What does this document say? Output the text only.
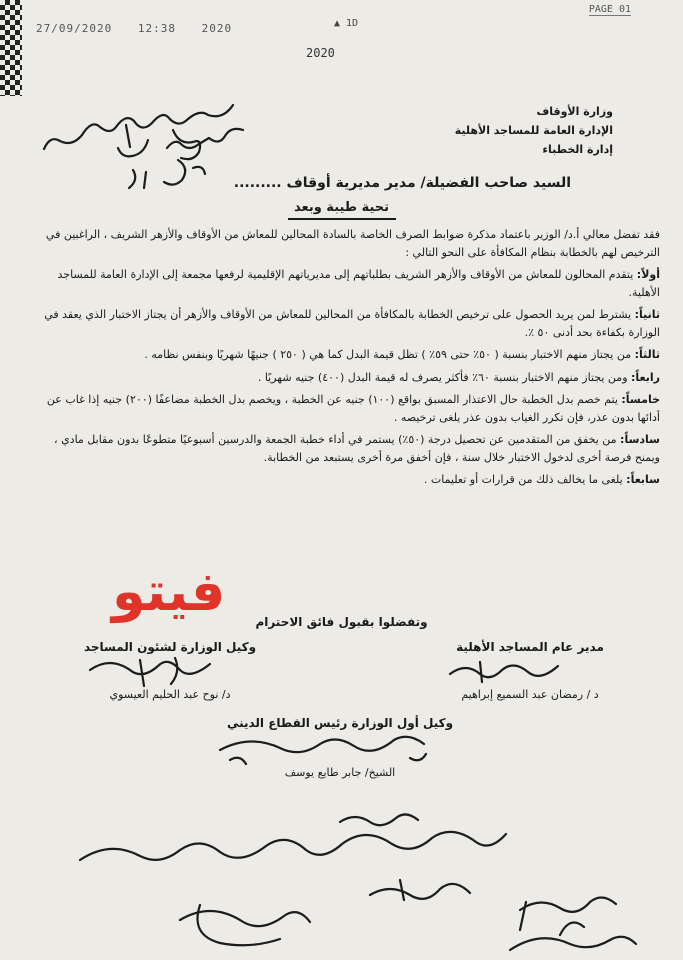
27/09/2020 12:38 2020	▲ 1D
PAGE 01
2020
وزارة الأوقاف
الإدارة العامة للمساجد الأهلية
إدارة الخطباء
السيد صاحب الفضيلة/ مدير مديرية أوقاف .........
تحية طيبة وبعد

فقد تفضل معالي أ.د/ الوزير باعتماد مذكرة ضوابط الصرف الخاصة بالسادة المحالين للمعاش من الأوقاف والأزهر الشريف ، الراغبين في الترخيص لهم بالخطابة بنظام المكافأة على النحو التالي :

أولاً: يتقدم المحالون للمعاش من الأوقاف والأزهر الشريف بطلباتهم إلى مديرياتهم الإقليمية لرفعها مجمعة إلى الإدارة العامة للمساجد الأهلية.

ثانياً: يشترط لمن يريد الحصول على ترخيص الخطابة بالمكافأة من المحالين للمعاش من الأوقاف والأزهر أن يجتاز الاختبار الذي يعقد في الوزارة بكفاءة بحد أدنى ٥٠ ٪.

ثالثاً: من يجتاز منهم الاختبار بنسبة ( ٥٠٪ حتى ٥٩٪ ) تظل قيمة البدل كما هي ( ٢٥٠ ) جنيهًا شهريًا وبنفس نظامه .

رابعاً: ومن يجتاز منهم الاختبار بنسبة ٦٠٪ فأكثر يصرف له قيمة البدل (٤٠٠) جنيه شهريًا .

خامساً: يتم خصم بدل الخطبة حال الاعتذار المسبق بواقع (١٠٠) جنيه عن الخطبة ، ويخصم بدل الخطبة مضاعفًا (٢٠٠) جنيه إذا غاب عن أدائها بدون عذر، فإن تكرر الغياب بدون عذر يلغى ترخيصه .

سادساً: من يخفق من المتقدمين عن تحصيل درجة (٥٠٪) يستمر في أداء خطبة الجمعة والدرسين أسبوعيًا متطوعًا بدون مقابل مادي ، ويمنح فرصة أخرى لدخول الاختبار خلال سنة ، فإن أخفق مرة أخرى يستبعد من الخطابة.

سابعاً: يلغى ما يخالف ذلك من قرارات أو تعليمات .

فيتو	وتفضلوا بقبول فائق الاحترام
وكيل الوزارة لشئون المساجد
د/ نوح عبد الحليم العيسوي
مدير عام المساجد الأهلية
د / رمضان عبد السميع إبراهيم
وكيل أول الوزارة رئيس القطاع الديني
الشيخ/ جابر طايع يوسف
